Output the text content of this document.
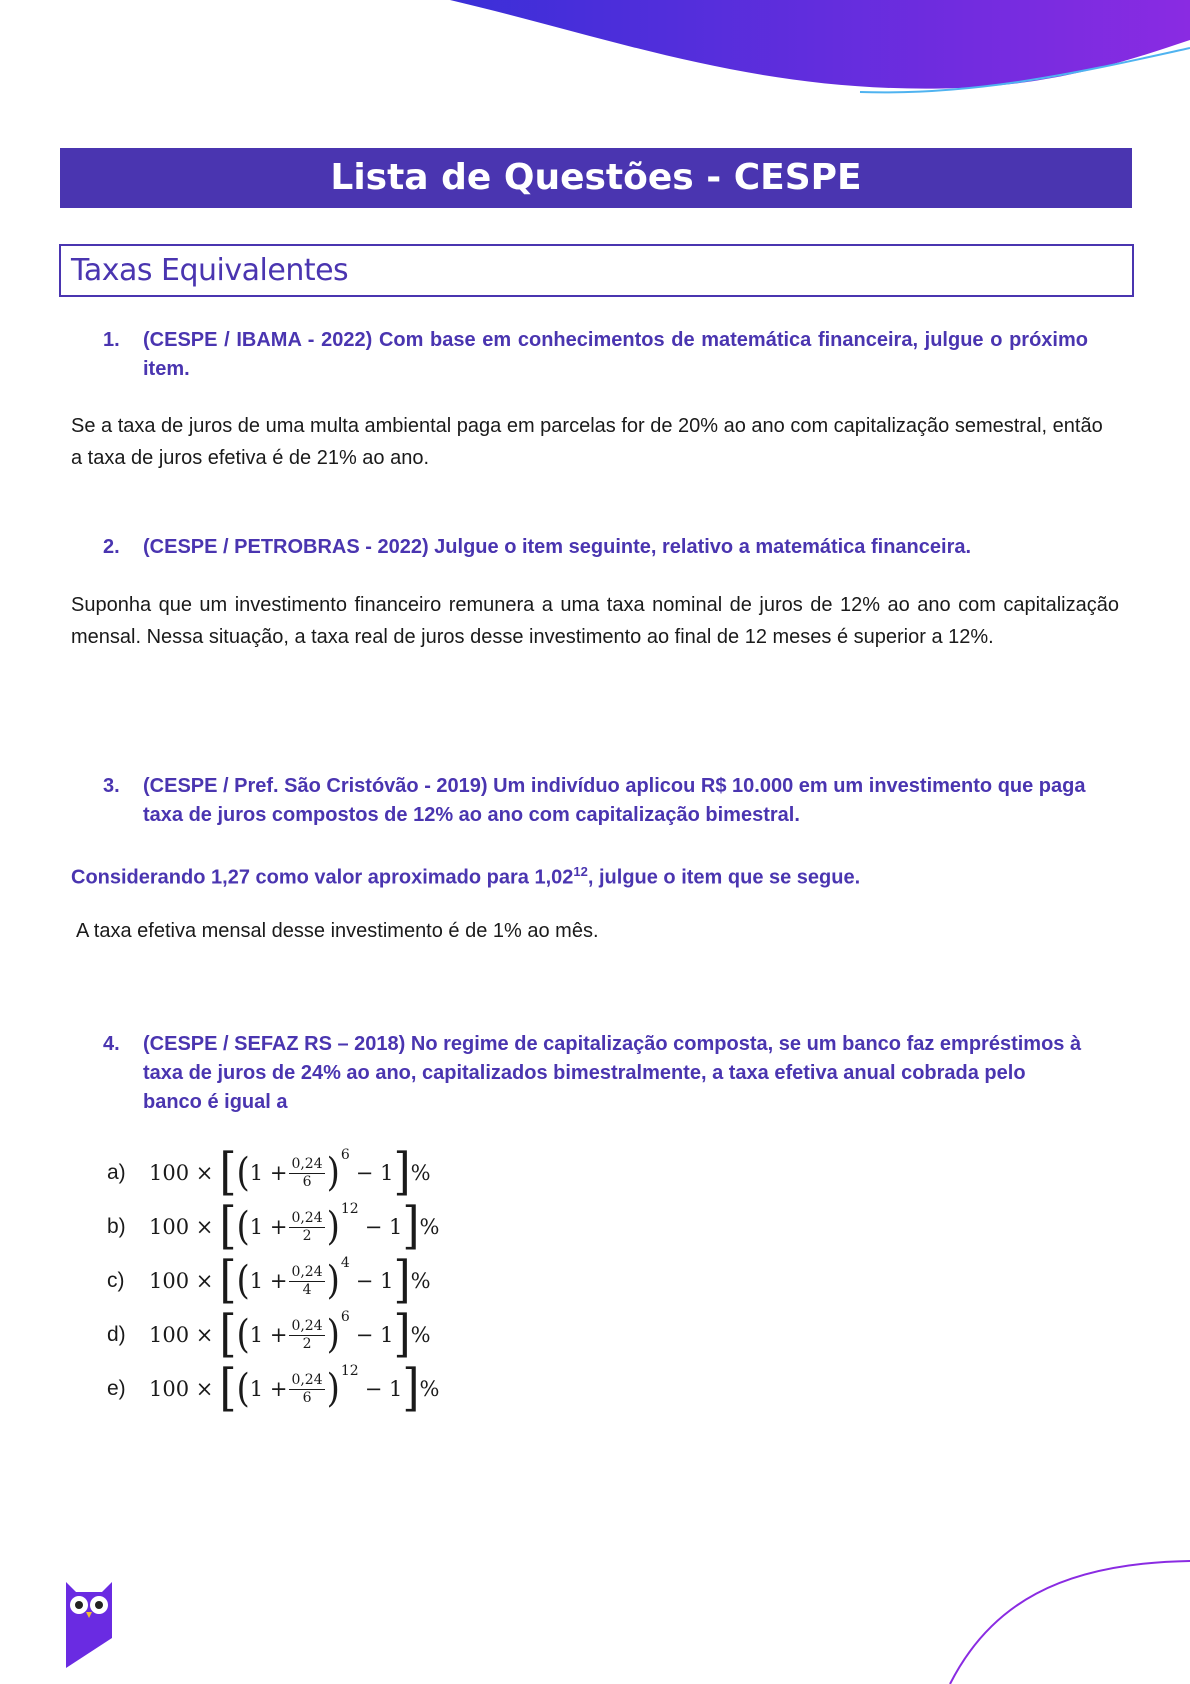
Lista de Questões - CESPE
Taxas Equivalentes
1.	(CESPE / IBAMA - 2022) Com base em conhecimentos de matemática financeira, julgue o próximo item.
Se a taxa de juros de uma multa ambiental paga em parcelas for de 20% ao ano com capitalização semestral, então a taxa de juros efetiva é de 21% ao ano.
2.	(CESPE / PETROBRAS - 2022) Julgue o item seguinte, relativo a matemática financeira.
Suponha que um investimento financeiro remunera a uma taxa nominal de juros de 12% ao ano com capitalização mensal. Nessa situação, a taxa real de juros desse investimento ao final de 12 meses é superior a 12%.
3.	(CESPE / Pref. São Cristóvão - 2019) Um indivíduo aplicou R$ 10.000 em um investimento que paga taxa de juros compostos de 12% ao ano com capitalização bimestral.
Considerando 1,27 como valor aproximado para 1,02$^{12}$, julgue o item que se segue.
A taxa efetiva mensal desse investimento é de 1% ao mês.
4.	(CESPE / SEFAZ RS – 2018) No regime de capitalização composta, se um banco faz empréstimos à taxa de juros de 24% ao ano, capitalizados bimestralmente, a taxa efetiva anual cobrada pelo banco é igual a
a)	100 × [ ( $1 + \frac{0,24}{6}$ ) 6
− 1 ] %
b)	100 × [ ( $1 + \frac{0,24}{2}$ ) 12
− 1 ] %
c)	100 × [ ( $1 + \frac{0,24}{4}$ ) 4
− 1 ] %
d)	100 × [ ( $1 + \frac{0,24}{2}$ ) 6
− 1 ] %
e)	100 × [ ( $1 + \frac{0,24}{6}$ ) 12
− 1 ] %
